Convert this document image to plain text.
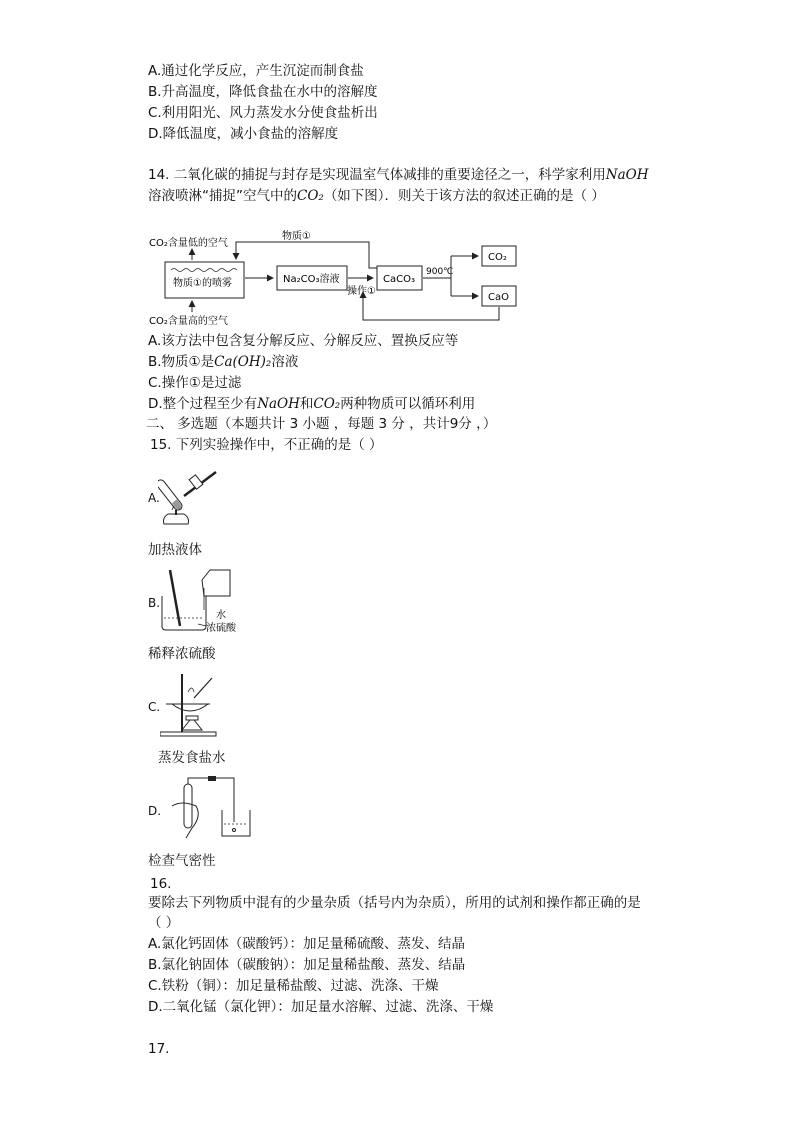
A.通过化学反应，产生沉淀而制食盐
B.升高温度，降低食盐在水中的溶解度
C.利用阳光、风力蒸发水分使食盐析出
D.降低温度，减小食盐的溶解度
14. 二氧化碳的捕捉与封存是实现温室气体减排的重要途径之一，科学家利用NaOH
溶液喷淋“捕捉”空气中的CO₂（如下图）．则关于该方法的叙述正确的是（ ）
CO₂含量低的空气
物质①的喷雾
CO₂含量高的空气
Na₂CO₃溶液
操作①
CaCO₃
物质①
900℃
CO₂
CaO
A.该方法中包含复分解反应、分解反应、置换反应等
B.物质①是Ca(OH)₂溶液
C.操作①是过滤
D.整个过程至少有NaOH和CO₂两种物质可以循环利用
二、 多选题（本题共计 3 小题 ，每题 3 分 ，共计9分 ，）
15. 下列实验操作中，不正确的是（ ）
A.
加热液体
B.
水
浓硫酸
稀释浓硫酸
C.
蒸发食盐水
D.
检查气密性
16.
要除去下列物质中混有的少量杂质（括号内为杂质），所用的试剂和操作都正确的是
（ ）
A.氯化钙固体（碳酸钙）：加足量稀硫酸、蒸发、结晶
B.氯化钠固体（碳酸钠）：加足量稀盐酸、蒸发、结晶
C.铁粉（铜）：加足量稀盐酸、过滤、洗涤、干燥
D.二氧化锰（氯化钾）：加足量水溶解、过滤、洗涤、干燥
17.
